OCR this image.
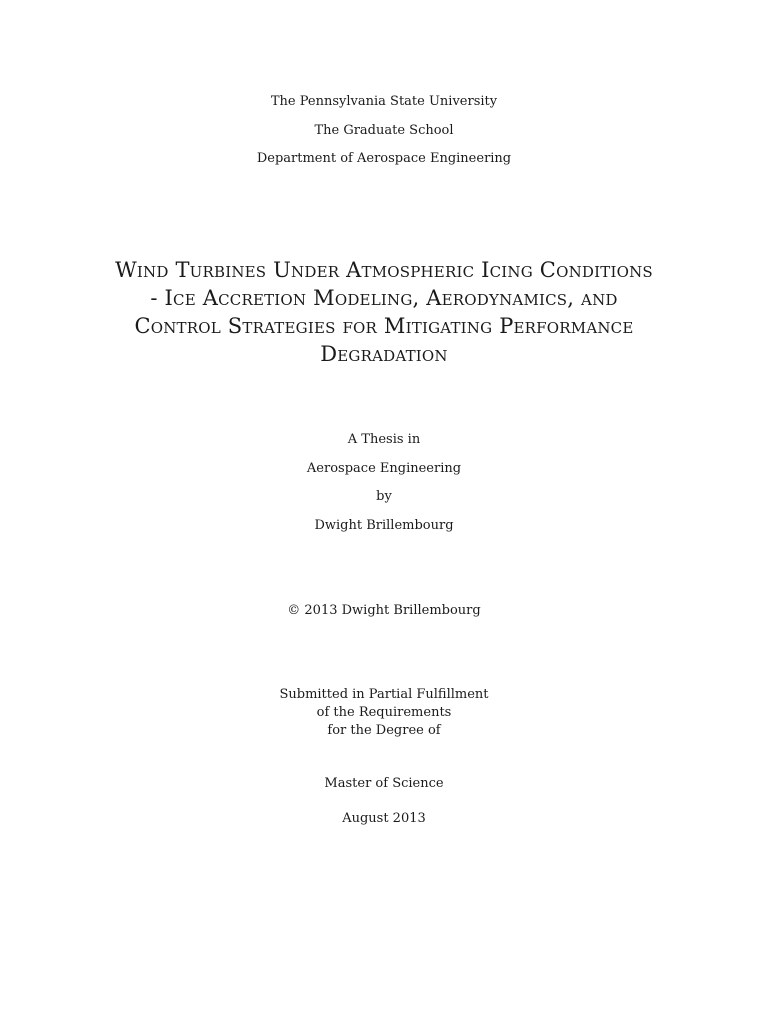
The Pennsylvania State University
The Graduate School
Department of Aerospace Engineering
Wind Turbines Under Atmospheric Icing Conditions
- Ice Accretion Modeling, Aerodynamics, and
Control Strategies for Mitigating Performance
Degradation
A Thesis in
Aerospace Engineering
by
Dwight Brillembourg
© 2013 Dwight Brillembourg
Submitted in Partial Fulfillment
of the Requirements
for the Degree of
Master of Science
August 2013
